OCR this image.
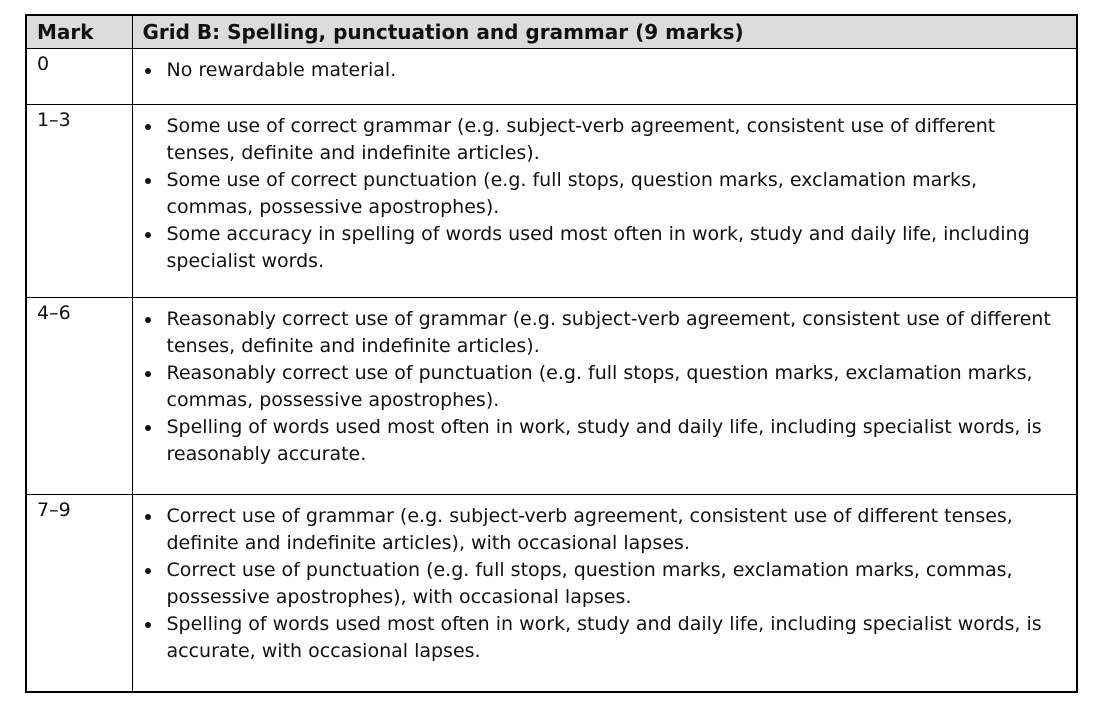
Mark	Grid B: Spelling, punctuation and grammar (9 marks)
0	
•No rewardable material.

1–3	
•Some use of correct grammar (e.g. subject-verb agreement, consistent use of different tenses, definite and indefinite articles).
• Some use of correct punctuation (e.g. full stops, question marks, exclamation marks, commas, possessive apostrophes).
• Some accuracy in spelling of words used most often in work, study and daily life, including specialist words.

4–6	
•Reasonably correct use of grammar (e.g. subject-verb agreement, consistent use of different tenses, definite and indefinite articles).
• Reasonably correct use of punctuation (e.g. full stops, question marks, exclamation marks, commas, possessive apostrophes).
• Spelling of words used most often in work, study and daily life, including specialist words, is reasonably accurate.

7–9	
•Correct use of grammar (e.g. subject-verb agreement, consistent use of different tenses, definite and indefinite articles), with occasional lapses.
• Correct use of punctuation (e.g. full stops, question marks, exclamation marks, commas, possessive apostrophes), with occasional lapses.
• Spelling of words used most often in work, study and daily life, including specialist words, is accurate, with occasional lapses.
